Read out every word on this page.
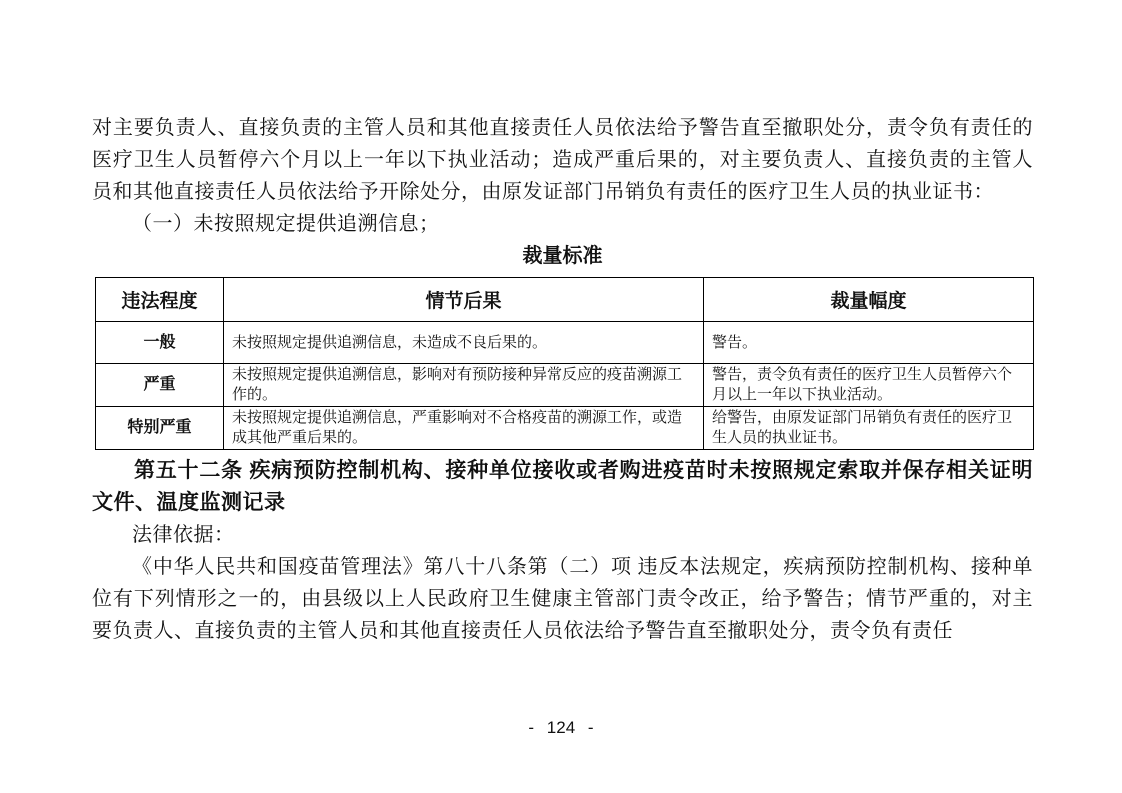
对主要负责人、直接负责的主管人员和其他直接责任人员依法给予警告直至撤职处分，责令负有责任的医疗卫生人员暂停六个月以上一年以下执业活动；造成严重后果的，对主要负责人、直接负责的主管人员和其他直接责任人员依法给予开除处分，由原发证部门吊销负有责任的医疗卫生人员的执业证书：

（一）未按照规定提供追溯信息；

裁量标准
违法程度	情节后果	裁量幅度
一般	未按照规定提供追溯信息，未造成不良后果的。	警告。
严重	未按照规定提供追溯信息，影响对有预防接种异常反应的疫苗溯源工作的。	警告，责令负有责任的医疗卫生人员暂停六个月以上一年以下执业活动。
特别严重	未按照规定提供追溯信息，严重影响对不合格疫苗的溯源工作，或造成其他严重后果的。	给警告，由原发证部门吊销负有责任的医疗卫生人员的执业证书。
第五十二条 疾病预防控制机构、接种单位接收或者购进疫苗时未按照规定索取并保存相关证明文件、温度监测记录

法律依据：

《中华人民共和国疫苗管理法》第八十八条第（二）项 违反本法规定，疾病预防控制机构、接种单位有下列情形之一的，由县级以上人民政府卫生健康主管部门责令改正，给予警告；情节严重的，对主要负责人、直接负责的主管人员和其他直接责任人员依法给予警告直至撤职处分，责令负有责任

- 124 -
